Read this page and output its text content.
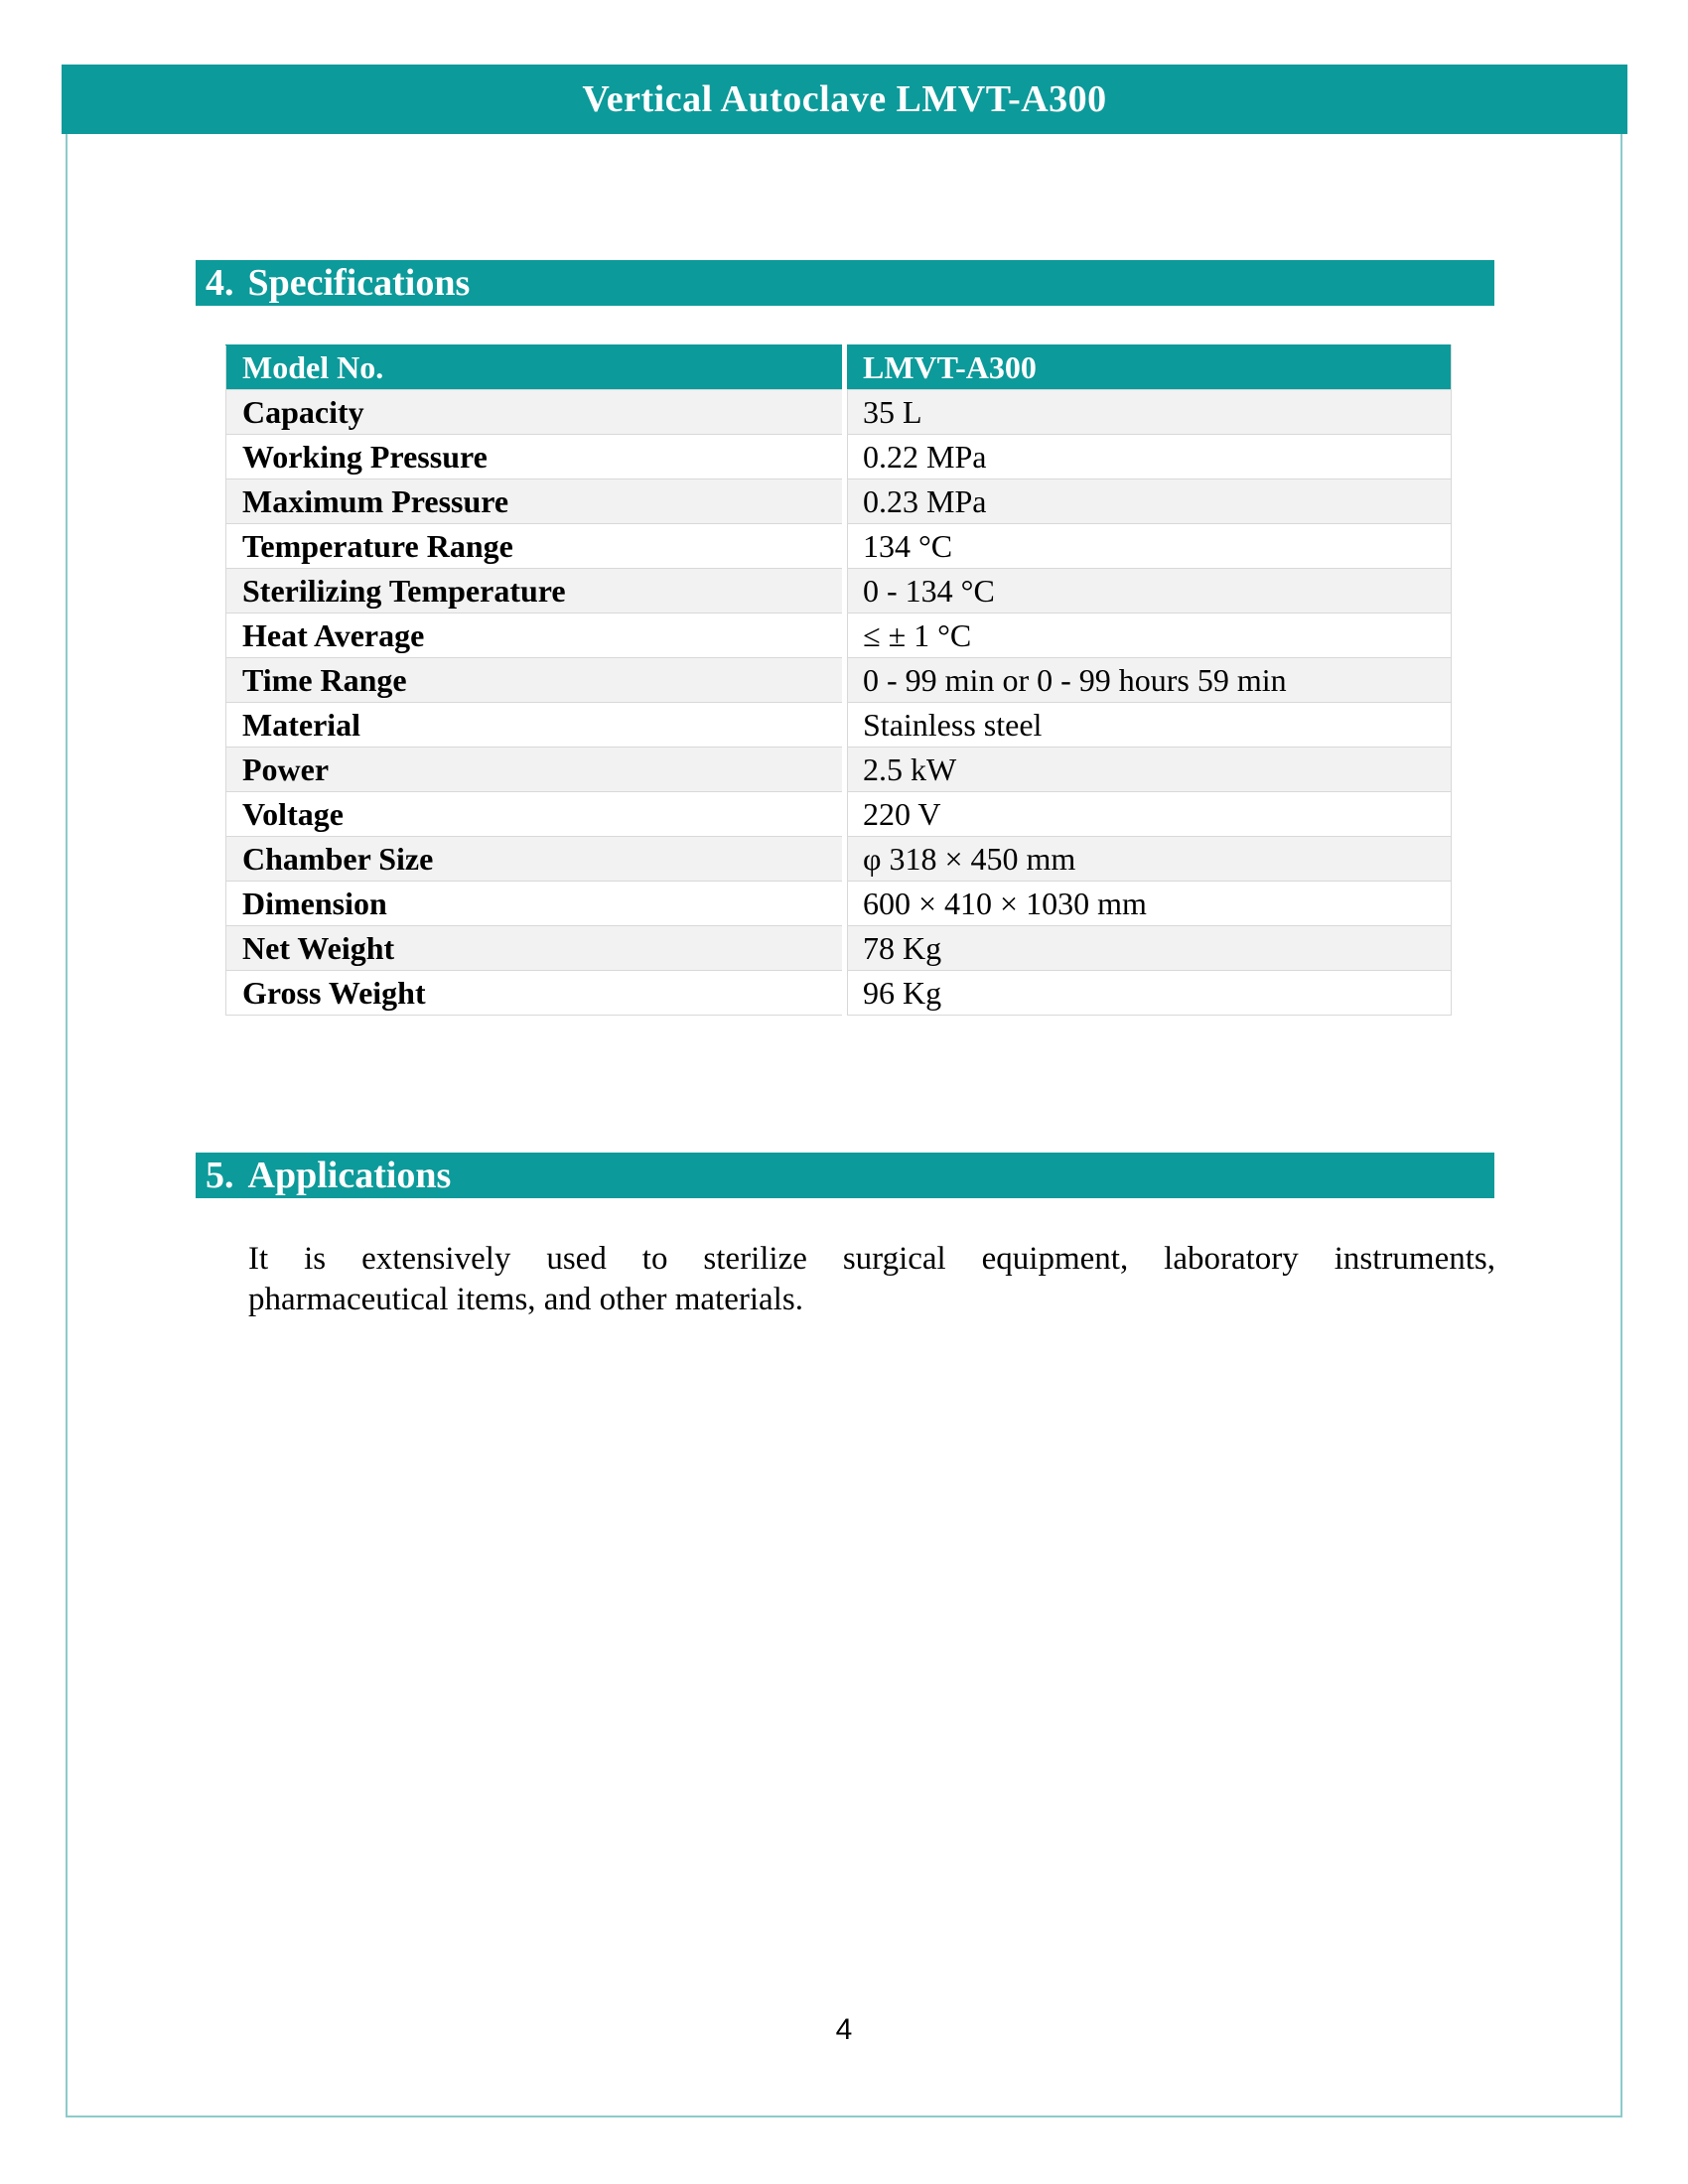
Vertical Autoclave LMVT-A300
4. Specifications
Model No.	LMVT-A300
Capacity	35 L
Working Pressure	0.22 MPa
Maximum Pressure	0.23 MPa
Temperature Range	134 °C
Sterilizing Temperature	0 - 134 °C
Heat Average	≤ ± 1 °C
Time Range	0 - 99 min or 0 - 99 hours 59 min
Material	Stainless steel
Power	2.5 kW
Voltage	220 V
Chamber Size	φ 318 × 450 mm
Dimension	600 × 410 × 1030 mm
Net Weight	78 Kg
Gross Weight	96 Kg
5. Applications
It is extensively used to sterilize surgical equipment, laboratory instruments,
pharmaceutical items, and other materials.
4
